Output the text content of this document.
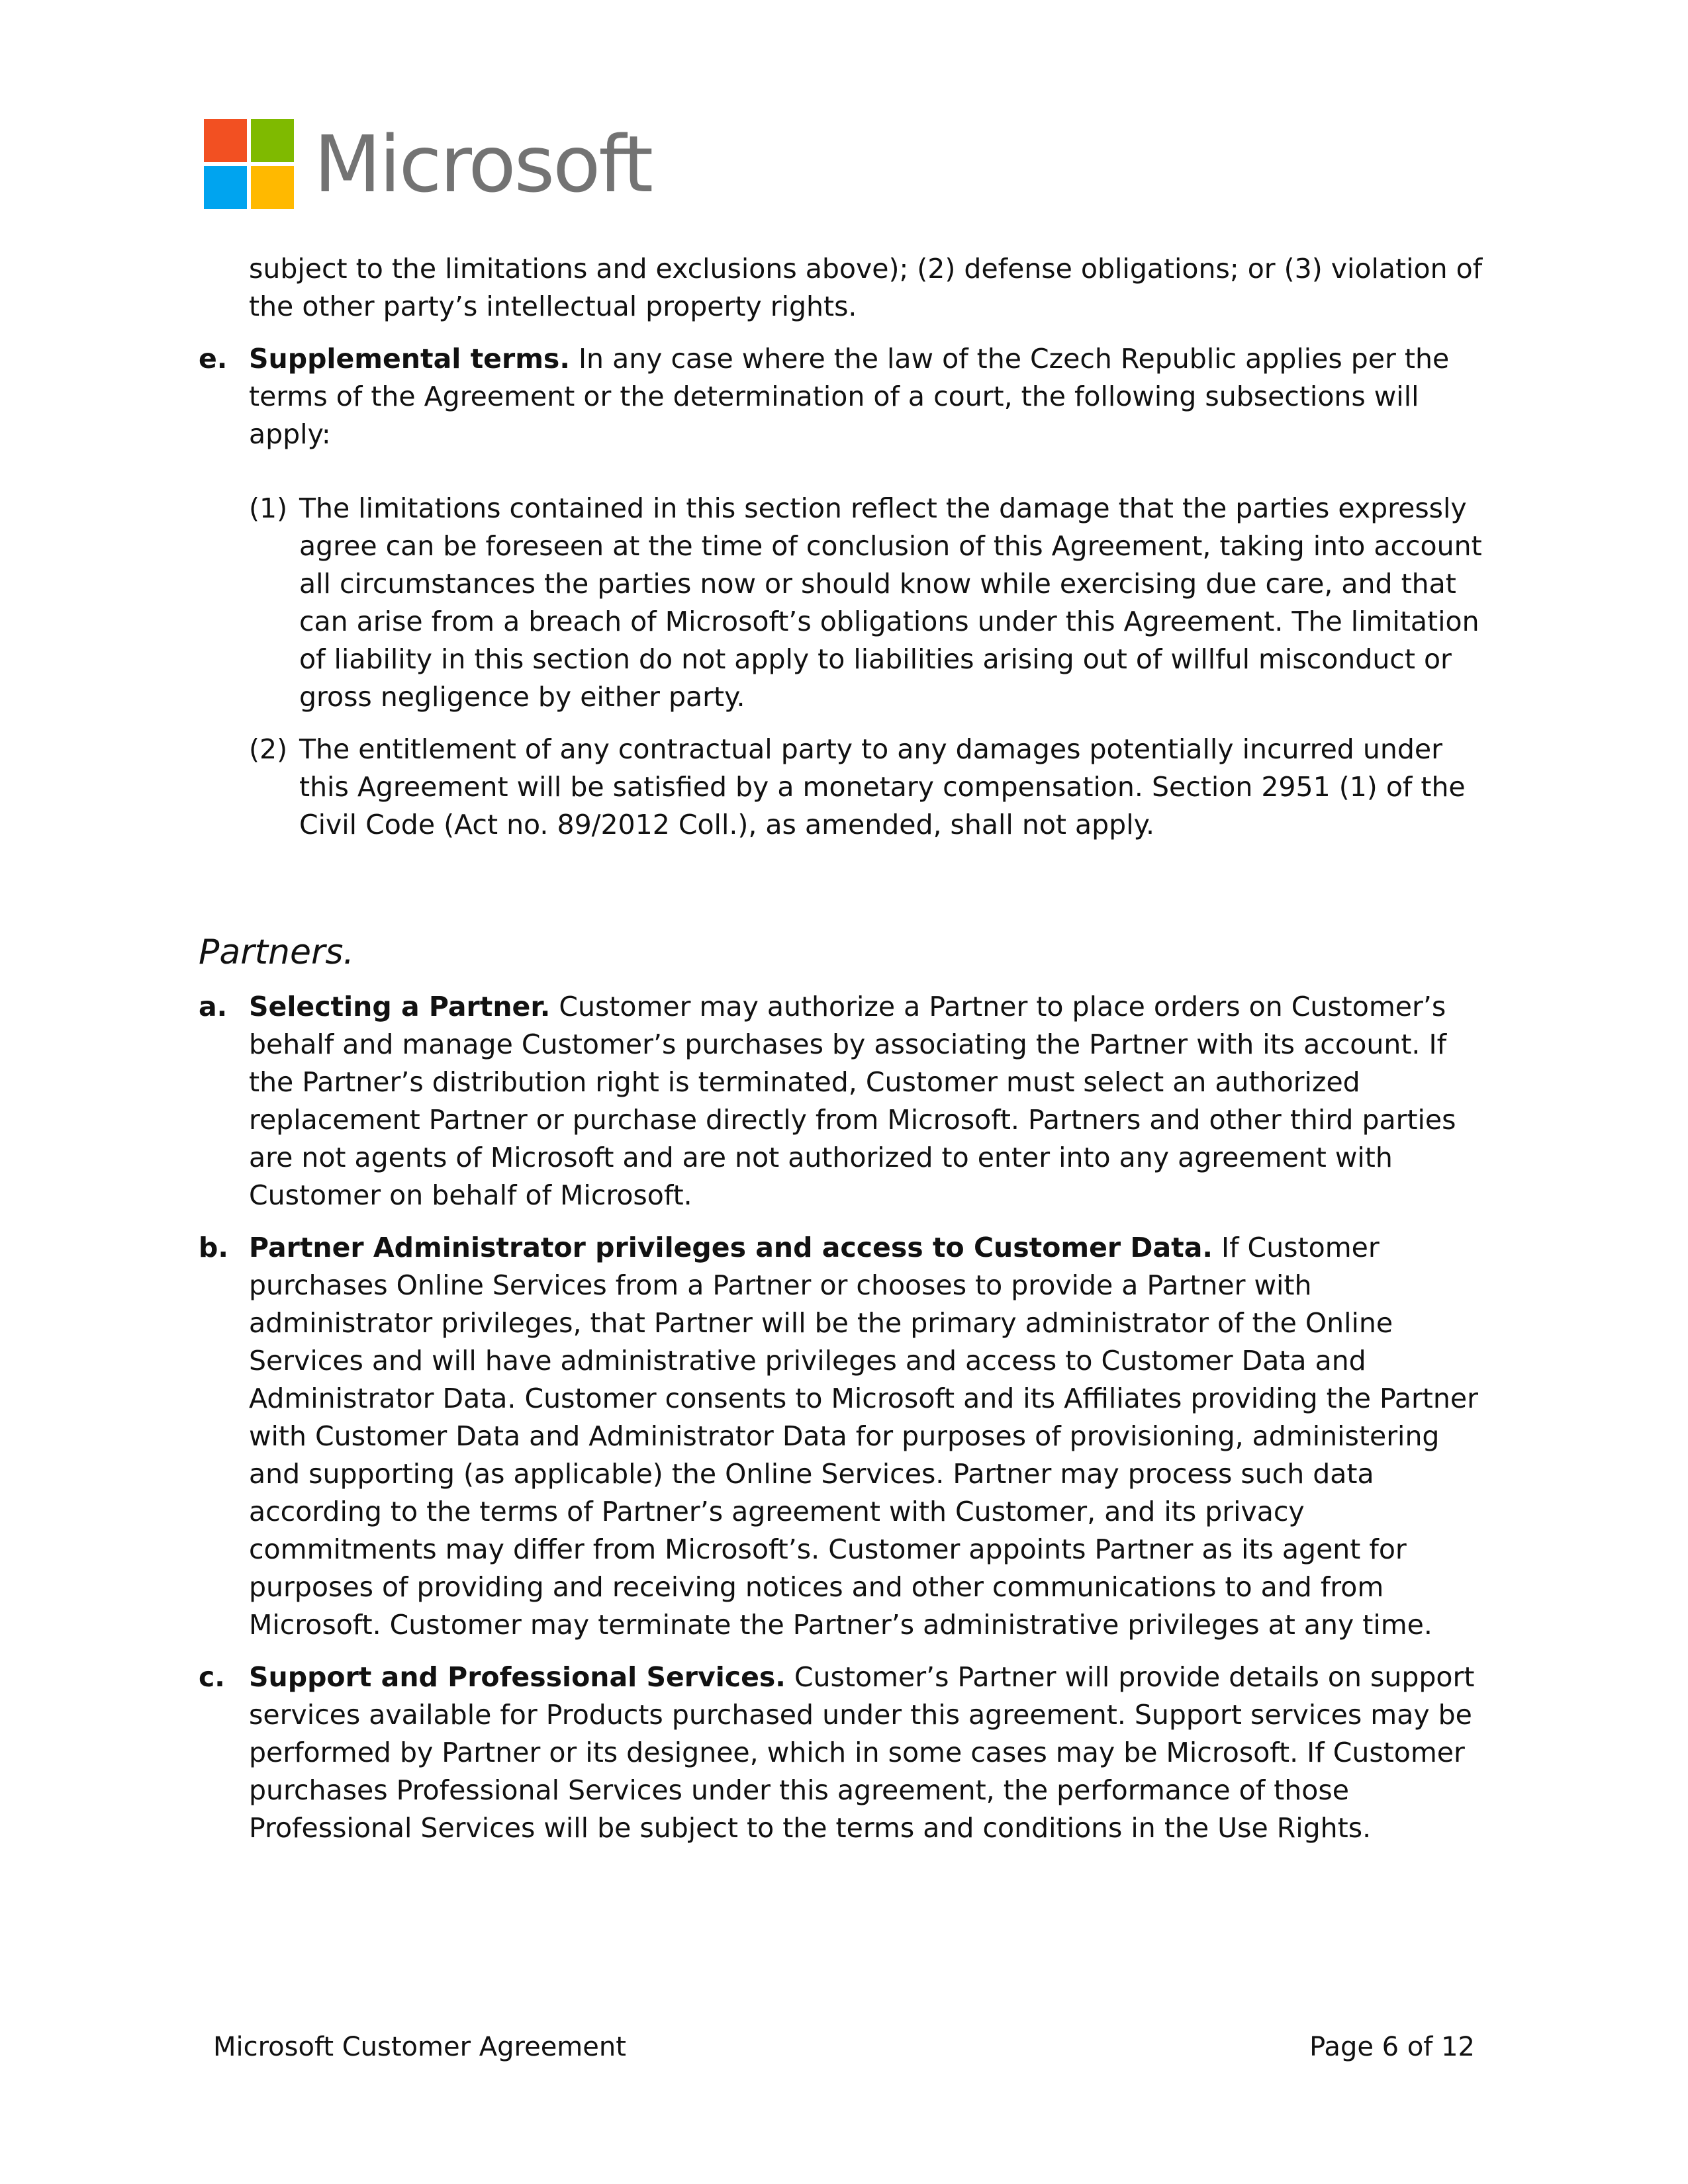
Microsoft
subject to the limitations and exclusions above); (2) defense obligations; or (3) violation of the other party’s intellectual property rights.
e. Supplemental terms. In any case where the law of the Czech Republic applies per the terms of the Agreement or the determination of a court, the following subsections will apply:
(1) The limitations contained in this section reflect the damage that the parties expressly agree can be foreseen at the time of conclusion of this Agreement, taking into account all circumstances the parties now or should know while exercising due care, and that can arise from a breach of Microsoft’s obligations under this Agreement. The limitation of liability in this section do not apply to liabilities arising out of willful misconduct or gross negligence by either party.
(2) The entitlement of any contractual party to any damages potentially incurred under this Agreement will be satisfied by a monetary compensation. Section 2951 (1) of the Civil Code (Act no. 89/2012 Coll.), as amended, shall not apply.
Partners.
a. Selecting a Partner. Customer may authorize a Partner to place orders on Customer’s behalf and manage Customer’s purchases by associating the Partner with its account. If the Partner’s distribution right is terminated, Customer must select an authorized replacement Partner or purchase directly from Microsoft. Partners and other third parties are not agents of Microsoft and are not authorized to enter into any agreement with Customer on behalf of Microsoft.
b. Partner Administrator privileges and access to Customer Data. If Customer purchases Online Services from a Partner or chooses to provide a Partner with administrator privileges, that Partner will be the primary administrator of the Online Services and will have administrative privileges and access to Customer Data and Administrator Data. Customer consents to Microsoft and its Affiliates providing the Partner with Customer Data and Administrator Data for purposes of provisioning, administering and supporting (as applicable) the Online Services. Partner may process such data according to the terms of Partner’s agreement with Customer, and its privacy commitments may differ from Microsoft’s. Customer appoints Partner as its agent for purposes of providing and receiving notices and other communications to and from Microsoft. Customer may terminate the Partner’s administrative privileges at any time.
c. Support and Professional Services. Customer’s Partner will provide details on support services available for Products purchased under this agreement. Support services may be performed by Partner or its designee, which in some cases may be Microsoft. If Customer purchases Professional Services under this agreement, the performance of those Professional Services will be subject to the terms and conditions in the Use Rights.
Microsoft Customer Agreement	Page 6 of 12
